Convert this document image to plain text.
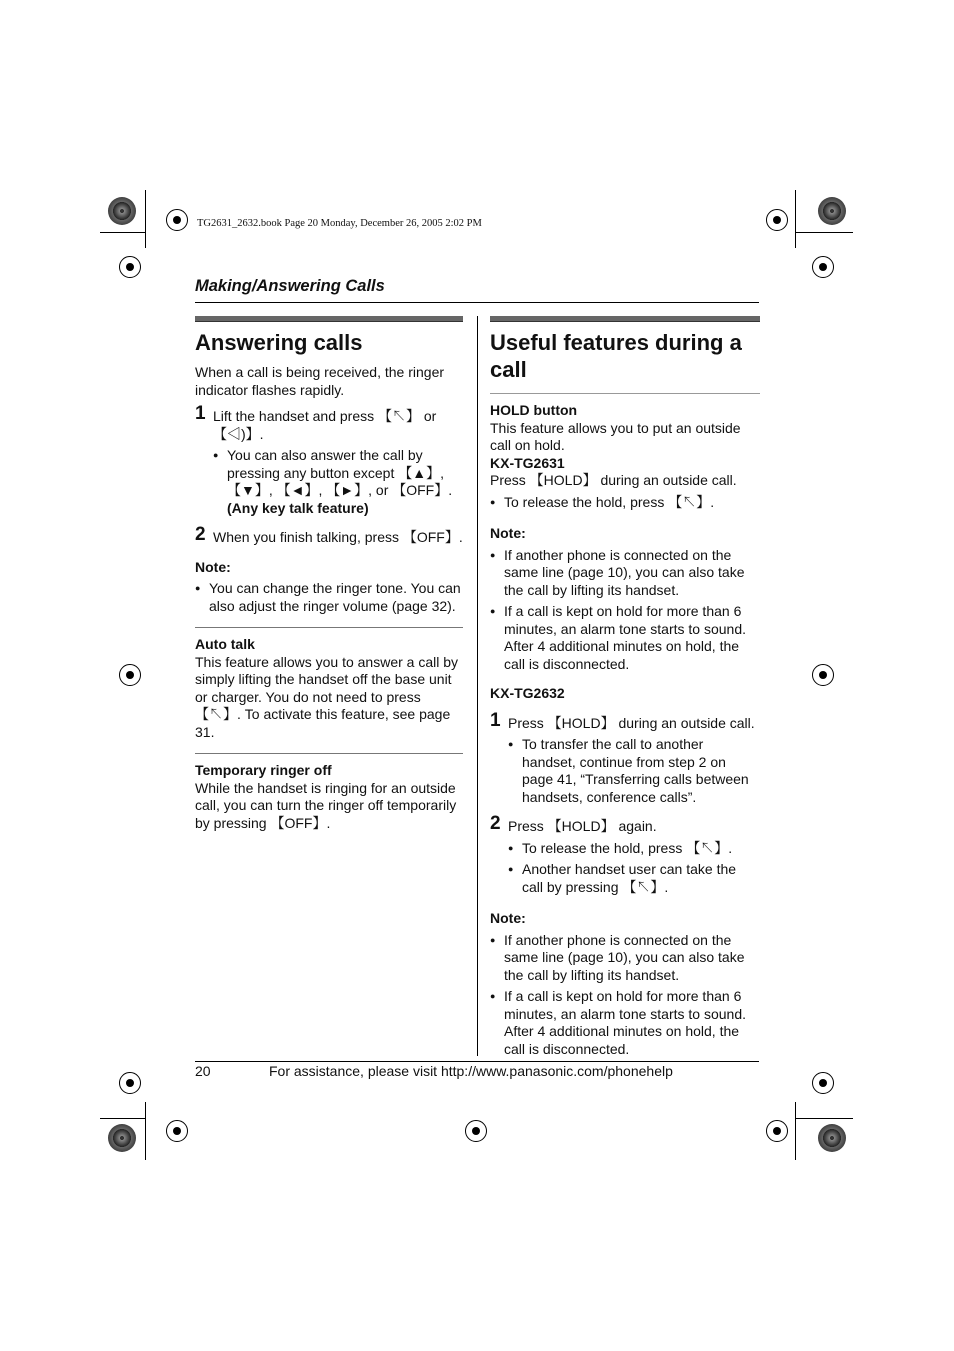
TG2631_2632.book Page 20 Monday, December 26, 2005 2:02 PM
Making/Answering Calls
Answering calls

When a call is being received, the ringer indicator flashes rapidly.

1 Lift the handset and press 【↖】 or 【◁)】.

● You can also answer the call by pressing any button except 【▲】, 【▼】, 【◄】, 【►】, or 【OFF】. (Any key talk feature)
2 When you finish talking, press 【OFF】.

Note:

● You can change the ringer tone. You can also adjust the ringer volume (page 32).

Auto talk

This feature allows you to answer a call by simply lifting the handset off the base unit or charger. You do not need to press 【↖】. To activate this feature, see page 31.

Temporary ringer off

While the handset is ringing for an outside call, you can turn the ringer off temporarily by pressing 【OFF】.

Useful features during a call

HOLD button

This feature allows you to put an outside call on hold.

KX-TG2631

Press 【HOLD】 during an outside call.

● To release the hold, press 【↖】.

Note:

● If another phone is connected on the same line (page 10), you can also take the call by lifting its handset.
● If a call is kept on hold for more than 6 minutes, an alarm tone starts to sound. After 4 additional minutes on hold, the call is disconnected.

KX-TG2632

1 Press 【HOLD】 during an outside call.

● To transfer the call to another handset, continue from step 2 on page 41, “Transferring calls between handsets, conference calls”.
2 Press 【HOLD】 again.

● To release the hold, press 【↖】.
● Another handset user can take the call by pressing 【↖】.

Note:

● If another phone is connected on the same line (page 10), you can also take the call by lifting its handset.
● If a call is kept on hold for more than 6 minutes, an alarm tone starts to sound. After 4 additional minutes on hold, the call is disconnected.
20	For assistance, please visit http://www.panasonic.com/phonehelp
